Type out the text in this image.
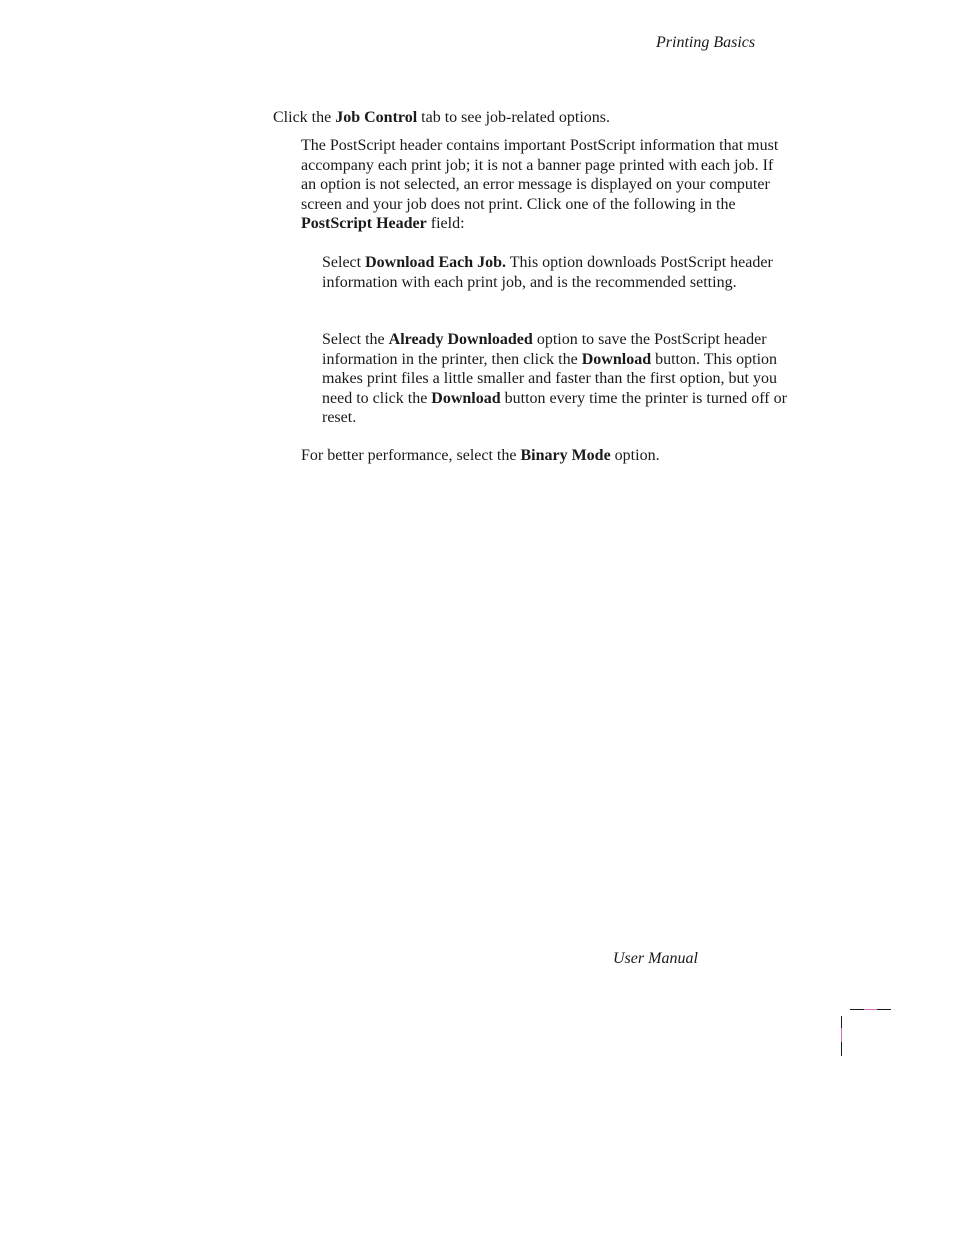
Printing Basics

Click the Job Control tab to see job-related options.

The PostScript header contains important PostScript information that must accompany each print job; it is not a banner page printed with each job. If an option is not selected, an error message is displayed on your computer screen and your job does not print. Click one of the following in the PostScript Header field:

Select Download Each Job. This option downloads PostScript header information with each print job, and is the recommended setting.

Select the Already Downloaded option to save the PostScript header information in the printer, then click the Download button. This option makes print files a little smaller and faster than the first option, but you need to click the Download button every time the printer is turned off or reset.

For better performance, select the Binary Mode option.

User Manual
